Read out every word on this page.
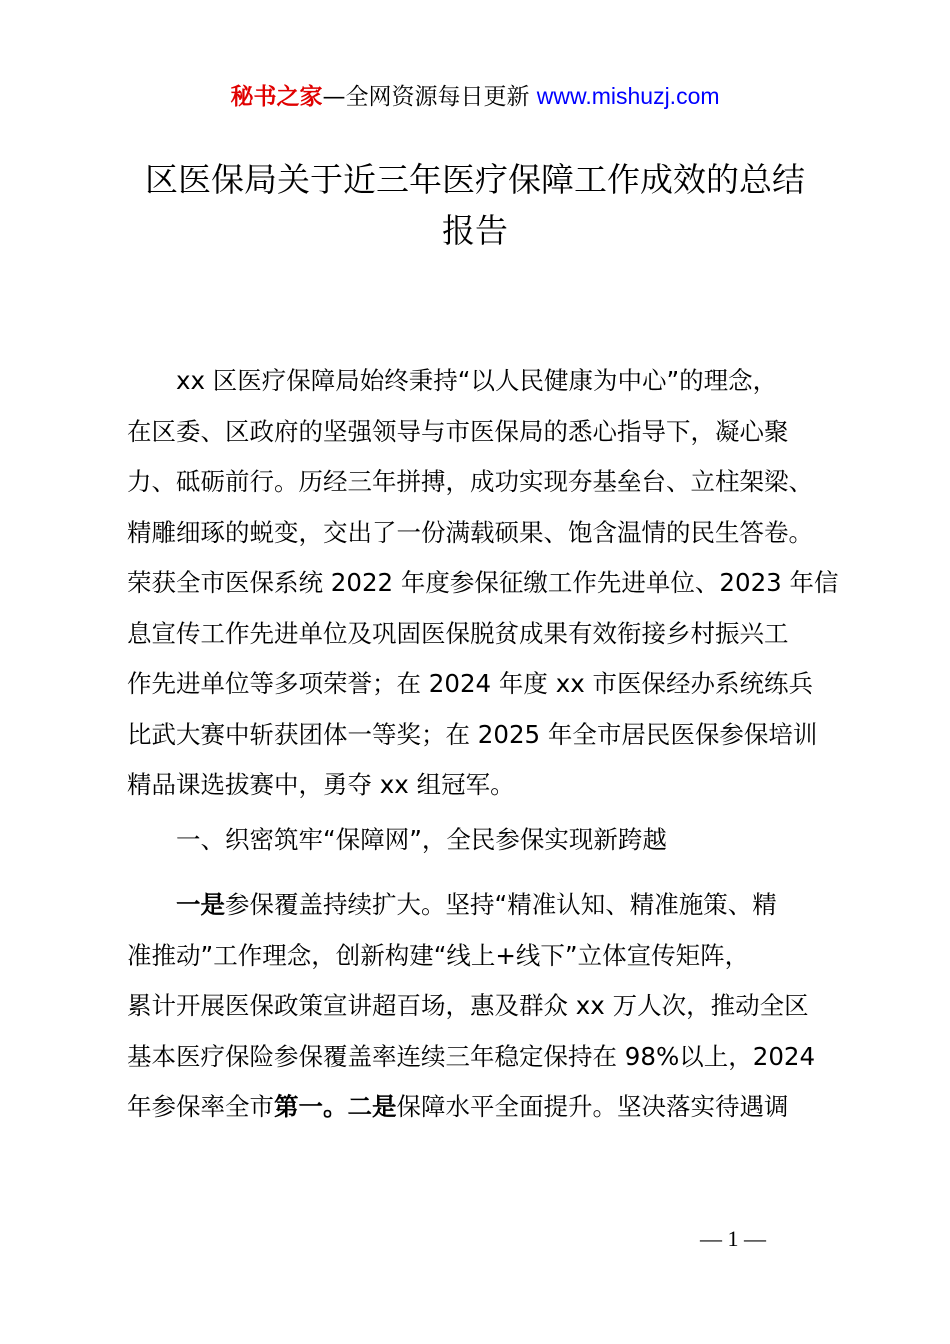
秘书之家—全网资源每日更新 www.mishuzj.com
区医保局关于近三年医疗保障工作成效的总结
报告

xx 区医疗保障局始终秉持“以人民健康为中心”的理念，
在区委、区政府的坚强领导与市医保局的悉心指导下，凝心聚
力、砥砺前行。历经三年拼搏，成功实现夯基垒台、立柱架梁、
精雕细琢的蜕变，交出了一份满载硕果、饱含温情的民生答卷。
荣获全市医保系统 2022 年度参保征缴工作先进单位、2023 年信
息宣传工作先进单位及巩固医保脱贫成果有效衔接乡村振兴工
作先进单位等多项荣誉；在 2024 年度 xx 市医保经办系统练兵
比武大赛中斩获团体一等奖；在 2025 年全市居民医保参保培训
精品课选拔赛中，勇夺 xx 组冠军。

一、织密筑牢“保障网”，全民参保实现新跨越

一是参保覆盖持续扩大。坚持“精准认知、精准施策、精
准推动”工作理念，创新构建“线上+线下”立体宣传矩阵，
累计开展医保政策宣讲超百场，惠及群众 xx 万人次，推动全区
基本医疗保险参保覆盖率连续三年稳定保持在 98%以上，2024
年参保率全市第一。二是保障水平全面提升。坚决落实待遇调

— 1 —
